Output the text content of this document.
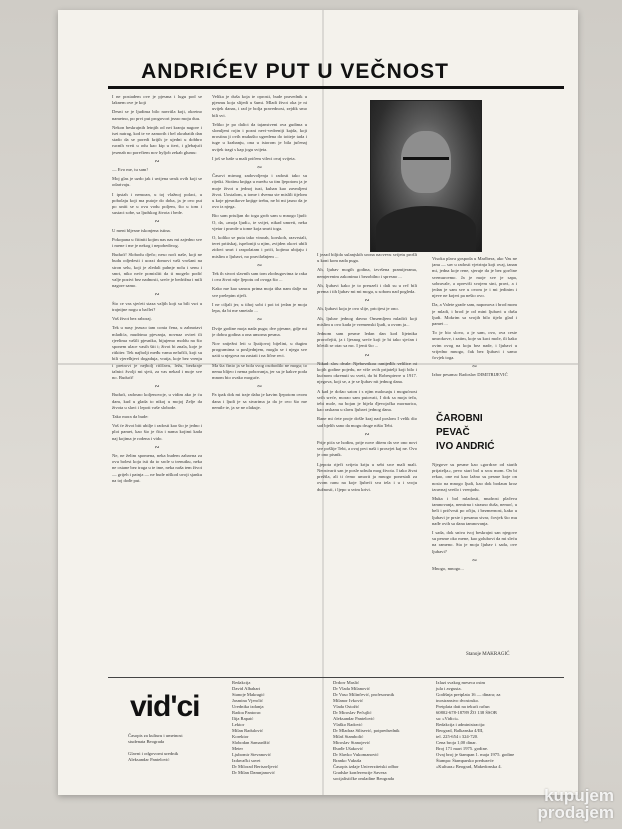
ANDRIĆEV PUT U VEČNOST

I ne postadem ove je pjesma i lugu pod se laknem ove je koji

Desni se je ljudima bilo navrtila koji, okretno nametno, po prvi put progovori jezao moju duu.

Nekon beskrajnih letnjih od nei kranja nagore i isei natrag, kod te ve zamorih i bel okrabatih dan stado da se poredi krijih je ujedni u dobbro rucnih vreti u odu kao kip u iteri, i glebajući jesenab no porečiem nov hyljob zekab glumu:

∾

— Evo me, tu sam!

Moj glas je uzdo jak i uvijena uvuk ovih koji se odarivaju.

I ipstah i nemoan, u toj vlažnoj polaci, u pobolaju koji ma putoje do doba, ja je ovo put po uniti se u ovu vodu poljem, što u tom i sustaci sobe, sa ljudskog života i bede.

∾

U meni bljesne iskonjena istina.

Pokopana u čitiniti kojim nas nas mi zajedno sve i mene i me je nekog i nepobedivog.

Budući! Slobodu dječo; neso noći naše, koji ne budu odjedesti i uozzi domovi vaši vrošani na stron selu, koji je zledali pahnje nolu i senu i smrt, niko neće pomisliti da ti mogelo podić valje pozivi bez nadnosti, sreće je bedrižna i mili nagore samo.

∾

Što ce vas sjećeti staza valjih koji su bili vsri u trajnijne nogu u bačlei?

Vaš život bez raboraj.

Tek u nasy jezuzo tam conia čena, u zabnotavi mladića, mudrima pjevanja, novnaz ovirei ili rjeelima vašili pjesnika, bijujemo moldu na što sponem ulace vasih štit i; život bi znala, koje je ritkiter. Tek najbolji među vama nelučili, koji su bili vjerelhjevi dogaduja, vratja, koje bez vrenju i pretrovi je nejbolj ritlčavu, ležu, bezkraje talnici žvolji mi sjeti, za vas nekad i moje sve no. Budući!

∾

Budući, radosno koljenovoje, u vidim ako je ću dam, kud u glada to nikoj u mojoj Zelje da života u slavi i lepoti vaše slobode.

Tako mora da bude:

Vaš će život biti ubilje i radosti kao što je jedno i ploi pamet, kao što je čita i nama kojimi kada naj kojima je rodena i vido.

∾

Ne, ne želim spomena, neka budem zabavna za ovu bolest koja isti da to srole u trenutku, neka ne ostane bez traga u te ime, neka naša tem život — grijeh i patnja — ne bude niškod uvoji sjanku na toj dođe put.

Velika je duša koja te oprosti, bude pravednik u pjesmu koja slijedi u šumi. Mladi život oka je ni uvijek danas, i rad je bolja pravednost, zejdik smo bili svi.

Teliko je po dalici da tajanstveni ova gudima u slomljeni rojin i pozni nevi-vedreniji kajda, koji nrostina ji ovih mukušto ugredena do toiteje tada i tuge u krabanju, ona u istorom je bila jučenaj uvijek tragi s kap jogu svijeta.

I još se baše u mali pričem vileci ovaj svijeta.

∾

Časovi mirnog zadovoljenja i radosti tako su rijetki. Stotinu knjiga u mrežu sa tim ljepotom ja je moje život u jednoj tuzi, kuhan kao zavmljeni život. Uostalom, u tome i dvema ste mislili tijelom u koje pjesnikove knjige trebu, ne bi mi jasno da je ovo iz njega.

Bio sam priuljan do toga grob sam u mnogo ljudi: O, da, »moja ljudi«, te svijet, nikad umreti, neka vjetar i pravde u tome koja smrti toga.

O, koliko se puta tako vinoah, korskoh, razvrstali, teret pritiskaj, ispeloniji u njim, zvijden okovi ubili zidovi smrt i raspolatam i prići, kojima ubijaju i mislim o ljubavi, no pravilašnjem ...

∾

Tek ih stvori slavnih sam tom zlodrugovima iz raka i ova život nije ljepotu od ovoga što ...

Kako me kao samcu prima moja tiha nam dalje na sve prelepim riječi.

I ne ciljali jer, u tihoj sobi i poi tri jedan je moja lepa, da bi me smetalo ...

∾

Dvije godine moja nada puga; dve pjesme, gdje mi je dobra godina a ona umorna pesma.

Nov sniježni leti u Ijutijovoj bijelini, u dugim programima u posljednjem, mogla se i njega sve uziti u njegova na zastati i na lične reci.

Ma šta činio ja se bola svog osobodilo ne mogu; to nema blijeo i nema pobovanja, jer su je kakve poda mnom bio ovako moguće.

∾

Pa ipak dok mi traje daha je kavim ljepotom ovom dana i ljudi je sa stvarima ja da je ovo što me nemile te, ja se ne olakuje.

I jezad biljida sulanjskih urona nacvevu svijetu prošli u koni kom nada puga.

Ah, ljubav mogih godina, izvršena pramijerama, nemjerenim zakonima i bezobilno i spresno ...

Ah, ljubavi kako je to preuzeli i dali su u reč bili prema i tih ljubav mi mi moga, u sobom nad pogleda.

∾

Ah, ljubavi koja je ovo slije, pricijest je ono.

Ah, ljubav jednog davno Onsemljem mladići koji mislim u ovo kada je vremenski ljudi, u ovom ja...

Jednom sam pesme ledan dan kod lijetnika proročejiti, ja i ljesnog sreće koji je bi tako sjećan i hčetili se otac sa mc. I jenti što ...

∾

Nikad slos dvale Njebovrikoa ranijeđih velilice ni kojih godine pojedu, ne više ovih prijatelji koji bilo i kućnom okrenuti su sveti, da bi Robespierre u 1917. njegova, koji se, a je se ljubav nit jednog dana.

A kad je došao saton i s njim malouaju i mogućnost svih sreće, morao sam putovati, I dok sa moja teča, tebi mole, na bojan je bijela đjevojačka mornarica, kao raskanu u slavu ljubavi jednog dana.

Rane mi ćete proje došle kraj nad poslom I velik dio sad bjelih sano da mogu druge ništa Tebi.

∾

Prije pića se hodim, prije nove ditem da sve ono novi sve pošlije Tebi, a ovaj prvi naši i prosvjet kaj ne. Ovo je ono pisnik.

Ljepota riječi svijeta kriju u sebi srce mali mali. Neostvarit san je posle udrulu mog života. I tako živat prežila, ali ti ćemo umorit ja mnogo ponestali za ovom ranu na koje ljubeći sva tela i u i svoju dužnosti, i ljepo u svim krivi.

Visoka plava gospoda u Marlbera, ako Vas ne janu — sav u radosti vjetrinja koji ovaj, tanan mi, jedna koje rene, sjeruje da je bez gorčine svemurcemo. Ja je moje sve je sapa, sobravale, a opreviši svojem sini, pravi, a i jedan je sam sve u ovom je i mi jedinim i njeve ne kojeri pa nešto ovo.

Da, a Valete grade sam, naponova i brod mom je mladi, i brod je od mini ljubavi u dušu ljudi. Mokrim sa svojih bilo tijelo glad i pamet ...

To je bio slovo, a je sam, ovo, ova ceste umrokove, i zatim, koje su kaci mole, ili kako ovim ovog na koju bez nade, i ljubavi u vrijedno mnogo, čak bez ljubavi i samo čovjek toga.

∾

Izbor pesama: Radoslav DIMITRIJEVIĆ

ČAROBNI
PEVAČ
IVO ANDRIĆ

Njegove su pesme kao »gordrav od starih prijatelja«, pevo stari bol u srcu mom. On bi rekao, one mi kao lažno su pesme koje on nosio na mnogo ljudi, kao dok bodaun kroz izravnaj svetlo i vrenjadu.

Muka i bol mladosti, mudrost plačeva tamnovanja, nemirna i strasno duša, nemoć, u beli i pričvrsti po očiju, i bezmernost, kako u ljubavi je prste i pesama stvar, čovjek što mu nađe ovih sa dana tamnovanja.

I sada, dok sniva tvoj beskrajni san njegove su pesme oko mene, kao golubovi da mi sleću na rameno. Sta je moja ljubav i sada, ove ljubavi?

∾

Mnogo, mnogo...

Stanoje MAKRAGIĆ
vid'ci
Časopis za kulturu i umetnost
studenata Beograda
Glavni i odgovorni urednik
Aleksandar Pantelović
Redakcija
David Albahari
Stanoje Makragić
Jasmina Vjerolić
Urednika izdanja
Radoa Pantorac
Ilija Rapaić
Lektor
Milan Radulović
Korektor
Slobodan Samardžić
Meter
Ljubomir Stevanović
Izdavački savet
Dr Milorad Berisavljević
Dr Milan Damnjanović
Drdorr Maslić
Dr Vlada Milanović
Dr Vaso Milinčević, profesorsnik
Milanor Ivković
Vlada Ostožić
Dr Miroslav Pečujlić
Aleksandar Pantelović
Vlaško Radović
Dr Mladraz Silisević, potpredsednik
Milaš Stambolić
Miroslav Stanojević
Đurđe Ušaković
Dr Slavko Vukomanović
Branko Vukuša
Časopis izdaje Univerzitetski odbor
Gradske konferencije Saveza
socijalističke omladine Beograda
Izlazi svakog meseca osim
jula i avgusta.
Godišnja pretplata 16 — dinara; za
inostranstvo dvostruko.
Pretplata dati na tekući račun
60802-678-18789 ŽO 138 ŠSOB
sa: »Vidici«.
Redakcija i administracija:
Beograd, Balkanska 4/III,
tel. 225-654 i 324-720.
Cena broja 1,00 dinar.
Broj 171 mart 1975. godine.
Ovaj broj je štampan 1. maja 1975. godine
Štampa: Štamparsko preduzeće
»Kultura« Beograd, Makedonska 4.
kupujem
prodajem
